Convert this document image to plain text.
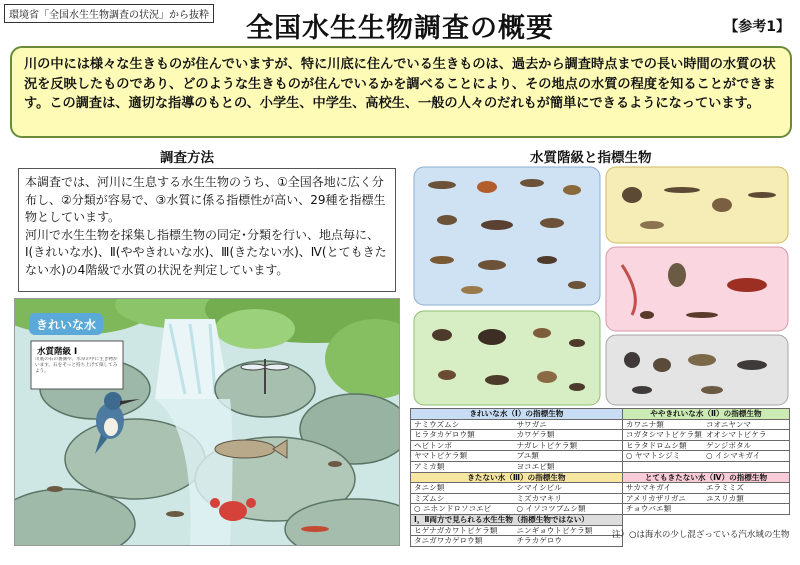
環境省「全国水生生物調査の状況」から抜粋	全国水生生物調査の概要	【参考1】
川の中には様々な生きものが住んでいますが、特に川底に住んでいる生きものは、過去から調査時点までの長い時間の水質の状況を反映したものであり、どのような生きものが住んでいるかを調べることにより、その地点の水質の程度を知ることができます。この調査は、適切な指導のもとの、小学生、中学生、高校生、一般の人々のだれもが簡単にできるようになっています。
調査方法	水質階級と指標生物

本調査では、河川に生息する水生生物のうち、①全国各地に広く分布し、②分類が容易で、③水質に係る指標性が高い、29種を指標生物としています。

河川で水生生物を採集し指標生物の同定･分類を行い、地点毎に、Ⅰ(きれいな水)、Ⅱ(ややきれいな水)、Ⅲ(きたない水)、Ⅳ(とてもきたない水)の4階級で水質の状況を判定しています。

きれいな水
水質階級 Ⅰ
川底の石の裏側や、水草の中に生き物がいます。石をそっと持ち上げて探してみよう。
きれいな水（Ⅰ）の指標生物	ややきれいな水（Ⅱ）の指標生物

ナミウズムシ サワガニ	カワニナ類 コオニヤンマ

ヒラタカゲロウ類 カワゲラ類	コガタシマトビケラ類 オオシマトビケラ

ヘビトンボ ナガレトビケラ類	ヒラタドロムシ類 ゲンジボタル

ヤマトビケラ類 ブユ類	○ ヤマトシジミ ○ イシマキガイ

アミカ類 ヨコエビ類	

きたない水（Ⅲ）の指標生物	とてもきたない水（Ⅳ）の指標生物

タニシ類 シマイシビル	サカマキガイ エラミミズ

ミズムシ ミズカマキリ	アメリカザリガニ ユスリカ類

○ ニホンドロソコエビ ○ イソコツブムシ類	チョウバエ類

Ⅰ，Ⅱ両方で見られる水生生物（指標生物ではない）	

ヒゲナガカワトビケラ類 ニンギョウトビケラ類	

タニガワカゲロウ類 チラカゲロウ	

注）○は海水の少し混ざっている汽水域の生物
